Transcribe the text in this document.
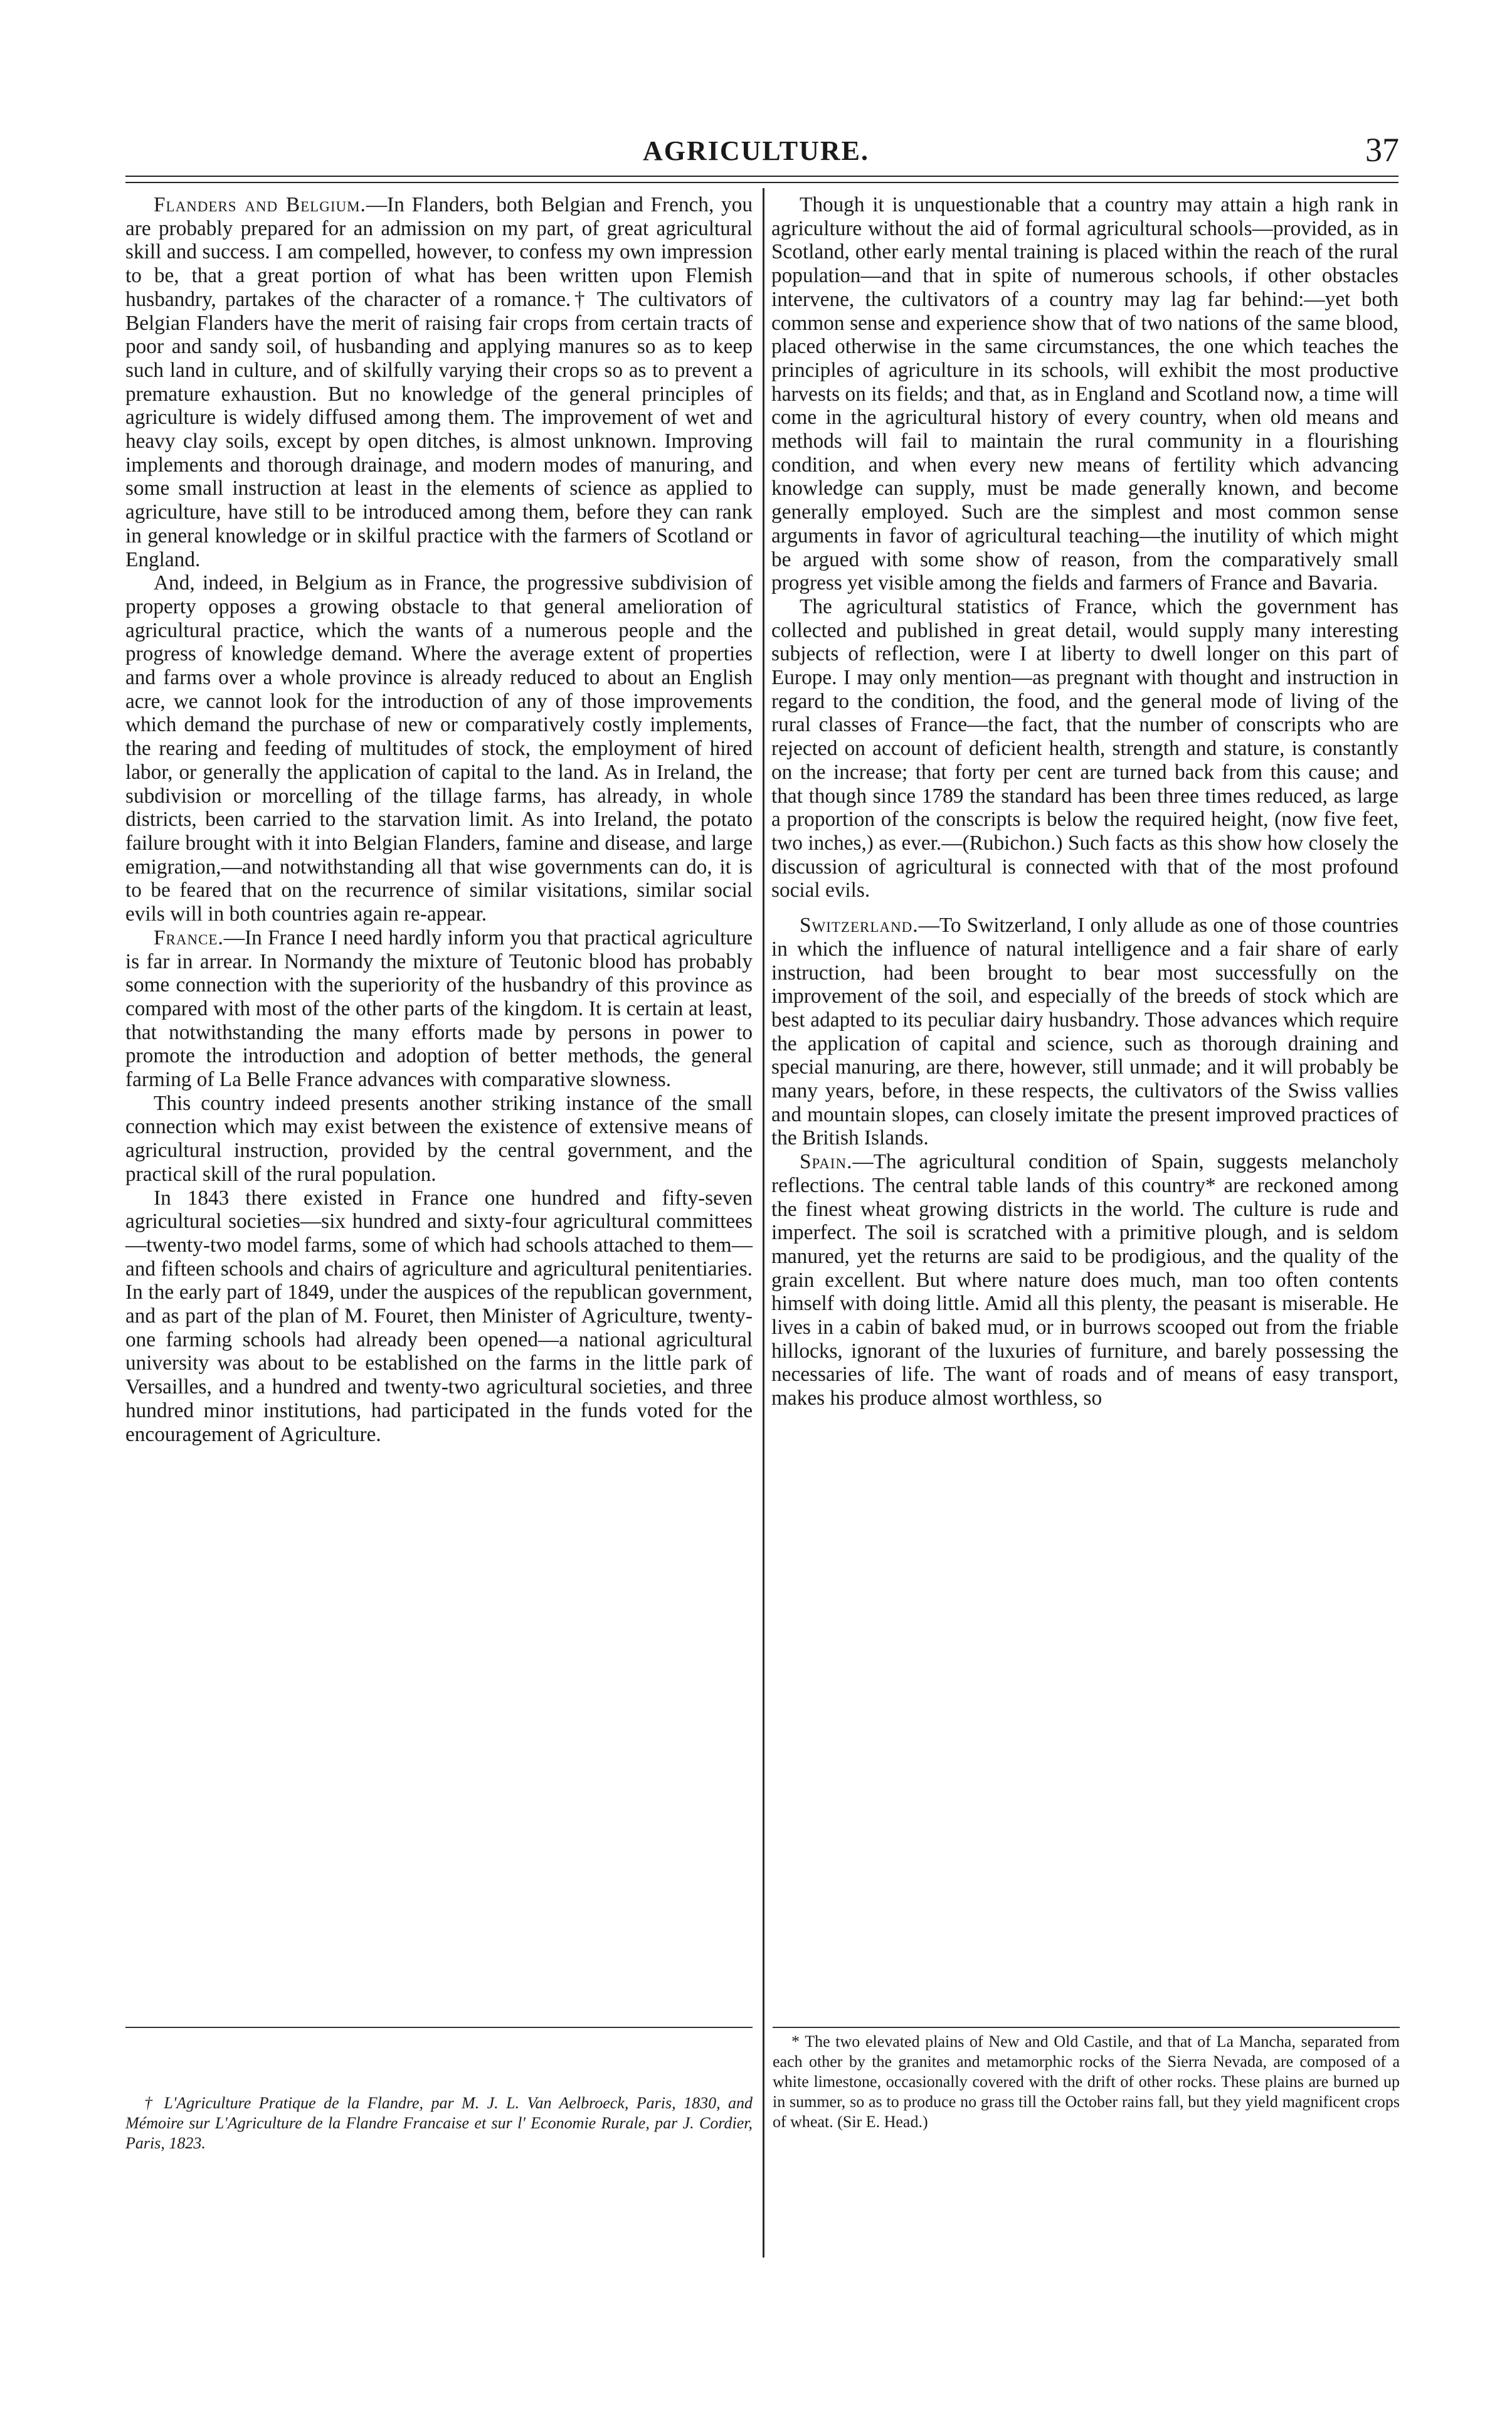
AGRICULTURE.	37

Flanders and Belgium.—In Flanders, both Belgian and French, you are probably prepared for an admission on my part, of great agricultural skill and success. I am compelled, however, to confess my own impression to be, that a great portion of what has been written upon Flemish husbandry, partakes of the character of a romance.† The cultivators of Belgian Flanders have the merit of raising fair crops from certain tracts of poor and sandy soil, of husbanding and applying manures so as to keep such land in culture, and of skilfully varying their crops so as to prevent a premature exhaustion. But no knowledge of the general principles of agriculture is widely diffused among them. The improvement of wet and heavy clay soils, except by open ditches, is almost unknown. Improving implements and thorough drainage, and modern modes of manuring, and some small instruction at least in the elements of science as applied to agriculture, have still to be introduced among them, before they can rank in general knowledge or in skilful practice with the farmers of Scotland or England.

And, indeed, in Belgium as in France, the progressive subdivision of property opposes a growing obstacle to that general amelioration of agricultural practice, which the wants of a numerous people and the progress of knowledge demand. Where the average extent of properties and farms over a whole province is already reduced to about an English acre, we cannot look for the introduction of any of those improvements which demand the purchase of new or comparatively costly implements, the rearing and feeding of multitudes of stock, the employment of hired labor, or generally the application of capital to the land. As in Ireland, the subdivision or morcelling of the tillage farms, has already, in whole districts, been carried to the starvation limit. As into Ireland, the potato failure brought with it into Belgian Flanders, famine and disease, and large emigration,—and notwithstanding all that wise governments can do, it is to be feared that on the recurrence of similar visitations, similar social evils will in both countries again re-appear.

France.—In France I need hardly inform you that practical agriculture is far in arrear. In Normandy the mixture of Teutonic blood has probably some connection with the superiority of the husbandry of this province as compared with most of the other parts of the kingdom. It is certain at least, that notwithstanding the many efforts made by persons in power to promote the introduction and adoption of better methods, the general farming of La Belle France advances with comparative slowness.

This country indeed presents another striking instance of the small connection which may exist between the existence of extensive means of agricultural instruction, provided by the central government, and the practical skill of the rural population.

In 1843 there existed in France one hundred and fifty-seven agricultural societies—six hundred and sixty-four agricultural committees—twenty-two model farms, some of which had schools attached to them—and fifteen schools and chairs of agriculture and agricultural penitentiaries. In the early part of 1849, under the auspices of the republican government, and as part of the plan of M. Fouret, then Minister of Agriculture, twenty-one farming schools had already been opened—a national agricultural university was about to be established on the farms in the little park of Versailles, and a hundred and twenty-two agricultural societies, and three hundred minor institutions, had participated in the funds voted for the encouragement of Agriculture.

Though it is unquestionable that a country may attain a high rank in agriculture without the aid of formal agricultural schools—provided, as in Scotland, other early mental training is placed within the reach of the rural population—and that in spite of numerous schools, if other obstacles intervene, the cultivators of a country may lag far behind:—yet both common sense and experience show that of two nations of the same blood, placed otherwise in the same circumstances, the one which teaches the principles of agriculture in its schools, will exhibit the most productive harvests on its fields; and that, as in England and Scotland now, a time will come in the agricultural history of every country, when old means and methods will fail to maintain the rural community in a flourishing condition, and when every new means of fertility which advancing knowledge can supply, must be made generally known, and become generally employed. Such are the simplest and most common sense arguments in favor of agricultural teaching—the inutility of which might be argued with some show of reason, from the comparatively small progress yet visible among the fields and farmers of France and Bavaria.

The agricultural statistics of France, which the government has collected and published in great detail, would supply many interesting subjects of reflection, were I at liberty to dwell longer on this part of Europe. I may only mention—as pregnant with thought and instruction in regard to the condition, the food, and the general mode of living of the rural classes of France—the fact, that the number of conscripts who are rejected on account of deficient health, strength and stature, is constantly on the increase; that forty per cent are turned back from this cause; and that though since 1789 the standard has been three times reduced, as large a proportion of the conscripts is below the required height, (now five feet, two inches,) as ever.—(Rubichon.) Such facts as this show how closely the discussion of agricultural is connected with that of the most profound social evils.

Switzerland.—To Switzerland, I only allude as one of those countries in which the influence of natural intelligence and a fair share of early instruction, had been brought to bear most successfully on the improvement of the soil, and especially of the breeds of stock which are best adapted to its peculiar dairy husbandry. Those advances which require the application of capital and science, such as thorough draining and special manuring, are there, however, still unmade; and it will probably be many years, before, in these respects, the cultivators of the Swiss vallies and mountain slopes, can closely imitate the present improved practices of the British Islands.

Spain.—The agricultural condition of Spain, suggests melancholy reflections. The central table lands of this country* are reckoned among the finest wheat growing districts in the world. The culture is rude and imperfect. The soil is scratched with a primitive plough, and is seldom manured, yet the returns are said to be prodigious, and the quality of the grain excellent. But where nature does much, man too often contents himself with doing little. Amid all this plenty, the peasant is miserable. He lives in a cabin of baked mud, or in burrows scooped out from the friable hillocks, ignorant of the luxuries of furniture, and barely possessing the necessaries of life. The want of roads and of means of easy transport, makes his produce almost worthless, so

† L'Agriculture Pratique de la Flandre, par M. J. L. Van Aelbroeck, Paris, 1830, and Mémoire sur L'Agriculture de la Flandre Francaise et sur l' Economie Rurale, par J. Cordier, Paris, 1823.

* The two elevated plains of New and Old Castile, and that of La Mancha, separated from each other by the granites and metamorphic rocks of the Sierra Nevada, are composed of a white limestone, occasionally covered with the drift of other rocks. These plains are burned up in summer, so as to produce no grass till the October rains fall, but they yield magnificent crops of wheat. (Sir E. Head.)
